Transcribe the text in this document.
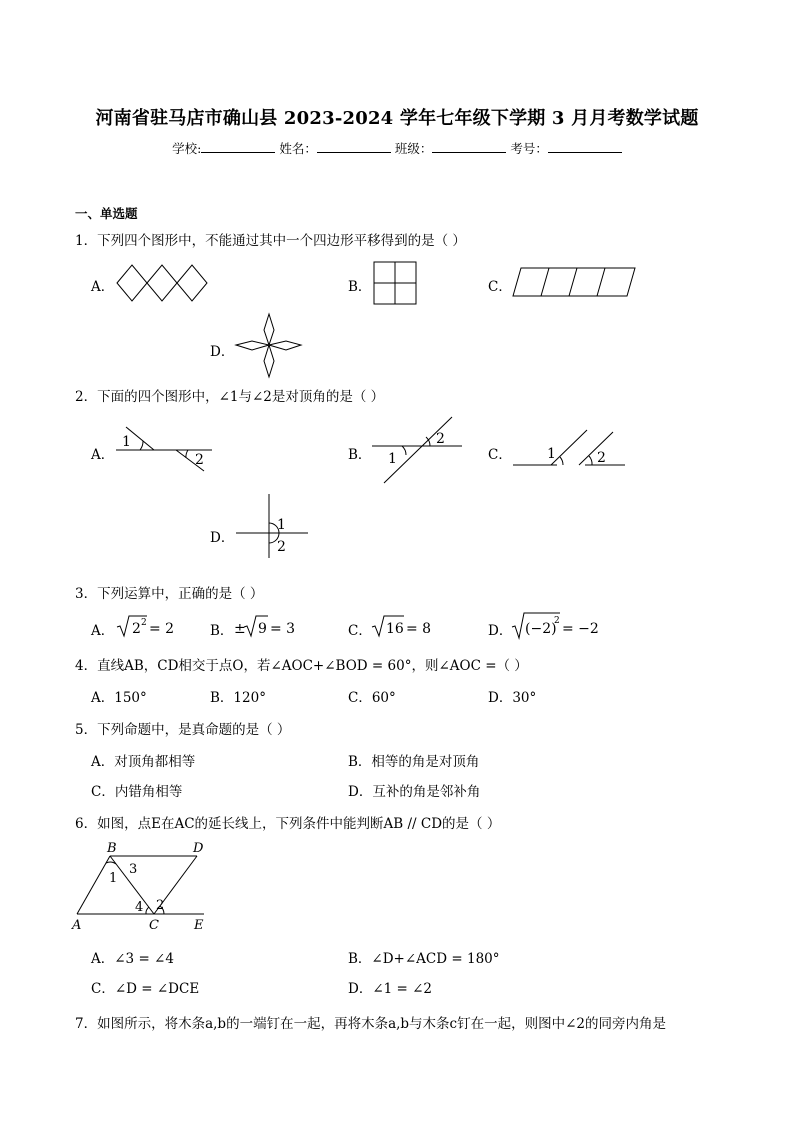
河南省驻马店市确山县 2023-2024 学年七年级下学期 3 月月考数学试题
学校:	姓名：	班级：	考号：
一、单选题
1．下列四个图形中，不能通过其中一个四边形平移得到的是（ ）
A．	B．	C．
D．
2．下面的四个图形中，∠1与∠2是对顶角的是（ ）
A．
1
2	B． 1
2
C．	1	2
D．
1
2
3．下列运算中，正确的是（ ）
A． 2 2 = 2	B． ± 9 = 3	C． 16 = 8	D． (−2)
2 = −2
4．直线AB，CD相交于点O，若∠AOC+∠BOD = 60°，则∠AOC =（ ）
A．150°	B．120°	C．60°	D．30°
5．下列命题中，是真命题的是（ ）
A．对顶角都相等	B．相等的角是对顶角
C．内错角相等	D．互补的角是邻补角
6．如图，点E在AC的延长线上，下列条件中能判断AB // CD的是（ ）
B	D
A	C	E
1
2
3
4
A．∠3 = ∠4	B．∠D+∠ACD = 180°
C．∠D = ∠DCE	D．∠1 = ∠2
7．如图所示，将木条a,b的一端钉在一起，再将木条a,b与木条c钉在一起，则图中∠2的同旁内角是
